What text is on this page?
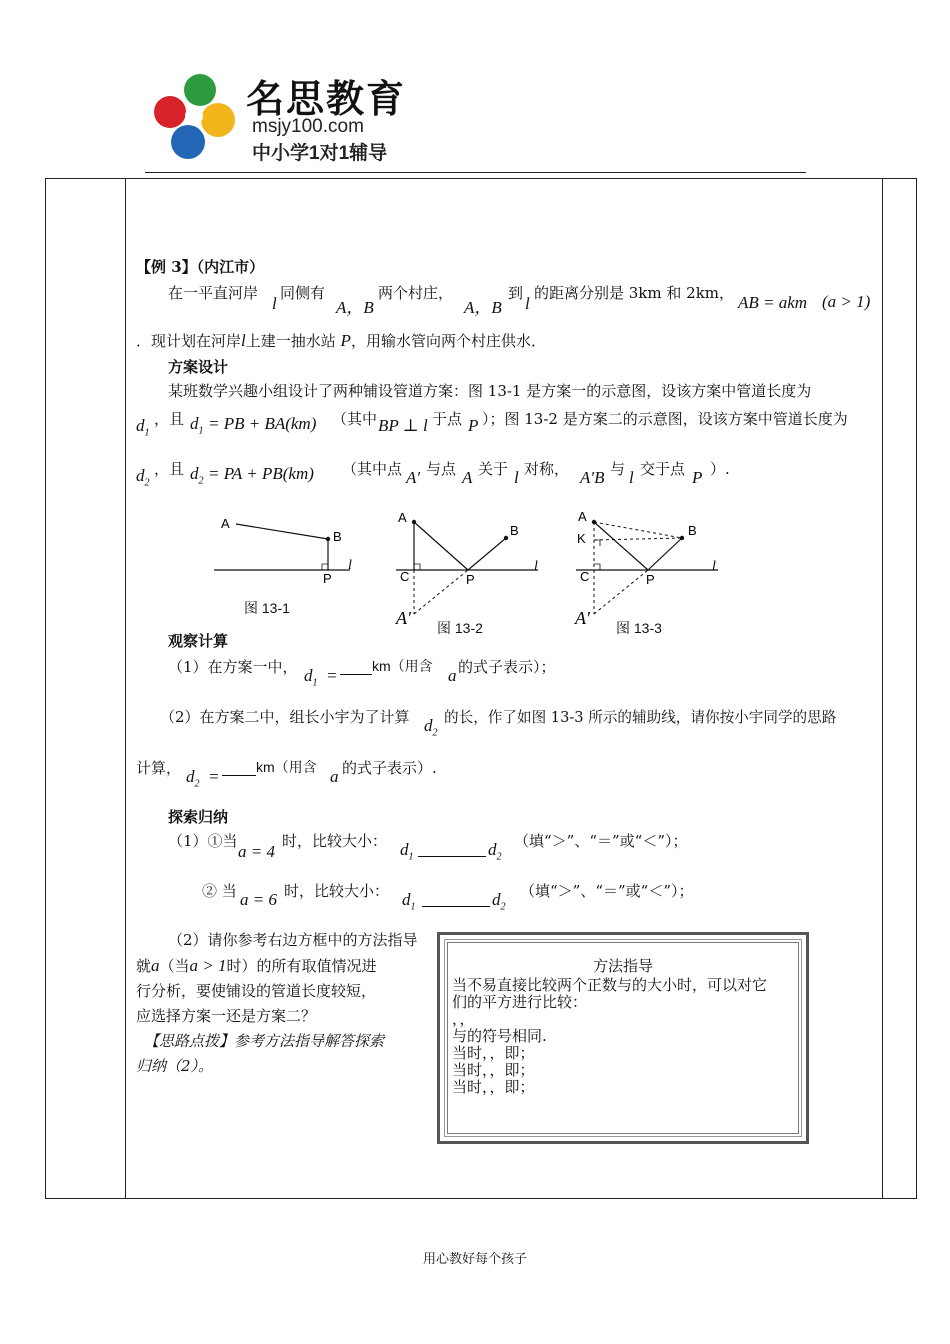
名思教育
msjy100.com
中小学1对1辅导
【例 3】（内江市）
在一平直河岸
l
同侧有
A，B
两个村庄，
A，B
到
l
的距离分别是 3km 和 2km， AB = akm (a > 1)
．现计划在河岸l上建一抽水站 P，用输水管向两个村庄供水．
方案设计
某班数学兴趣小组设计了两种铺设管道方案：图 13-1 是方案一的示意图，设该方案中管道长度为
$d_1$
，且 $d_1$ = PB + BA(km) （其中 BP ⊥ l 于点 P ）；图 13-2 是方案二的示意图，设该方案中管道长度为
$d_2$
，且 $d_2$ = PA + PB(km) （其中点 A′ 与点 A 关于 l 对称， A′B 与 l 交于点 P ）.
A
B
P
l
图 13-1
A
B
C	P
l
A′ 图 13-2
A
B
K
C	P
l
A′ 图 13-3
观察计算
（1）在方案一中， $d_1 = km$（用含 a 的式子表示）；
（2）在方案二中，组长小宇为了计算 $d_2$
的长，作了如图 13-3 所示的辅助线，请你按小宇同学的思路
计算， $d_2$ =	km（用含 a 的式子表示）.
探索归纳
（1）①当
a = 4
时，比较大小： $d_1$	$d_2$
（填“＞”、“＝”或“＜”）；
② 当 a = 6 时，比较大小： $d_1$	$d_2$
（填“＞”、“＝”或“＜”）；
（2）请你参考右边方框中的方法指导
就a（当a > 1时）的所有取值情况进
行分析，要使铺设的管道长度较短，
应选择方案一还是方案二？
【思路点拨】参考方法指导解答探索
归纳（2）。
方法指导
当不易直接比较两个正数与的大小时，可以对它
们的平方进行比较：
，，
与的符号相同.
当时，，即；
当时，，即；
当时，，即；
用心教好每个孩子
